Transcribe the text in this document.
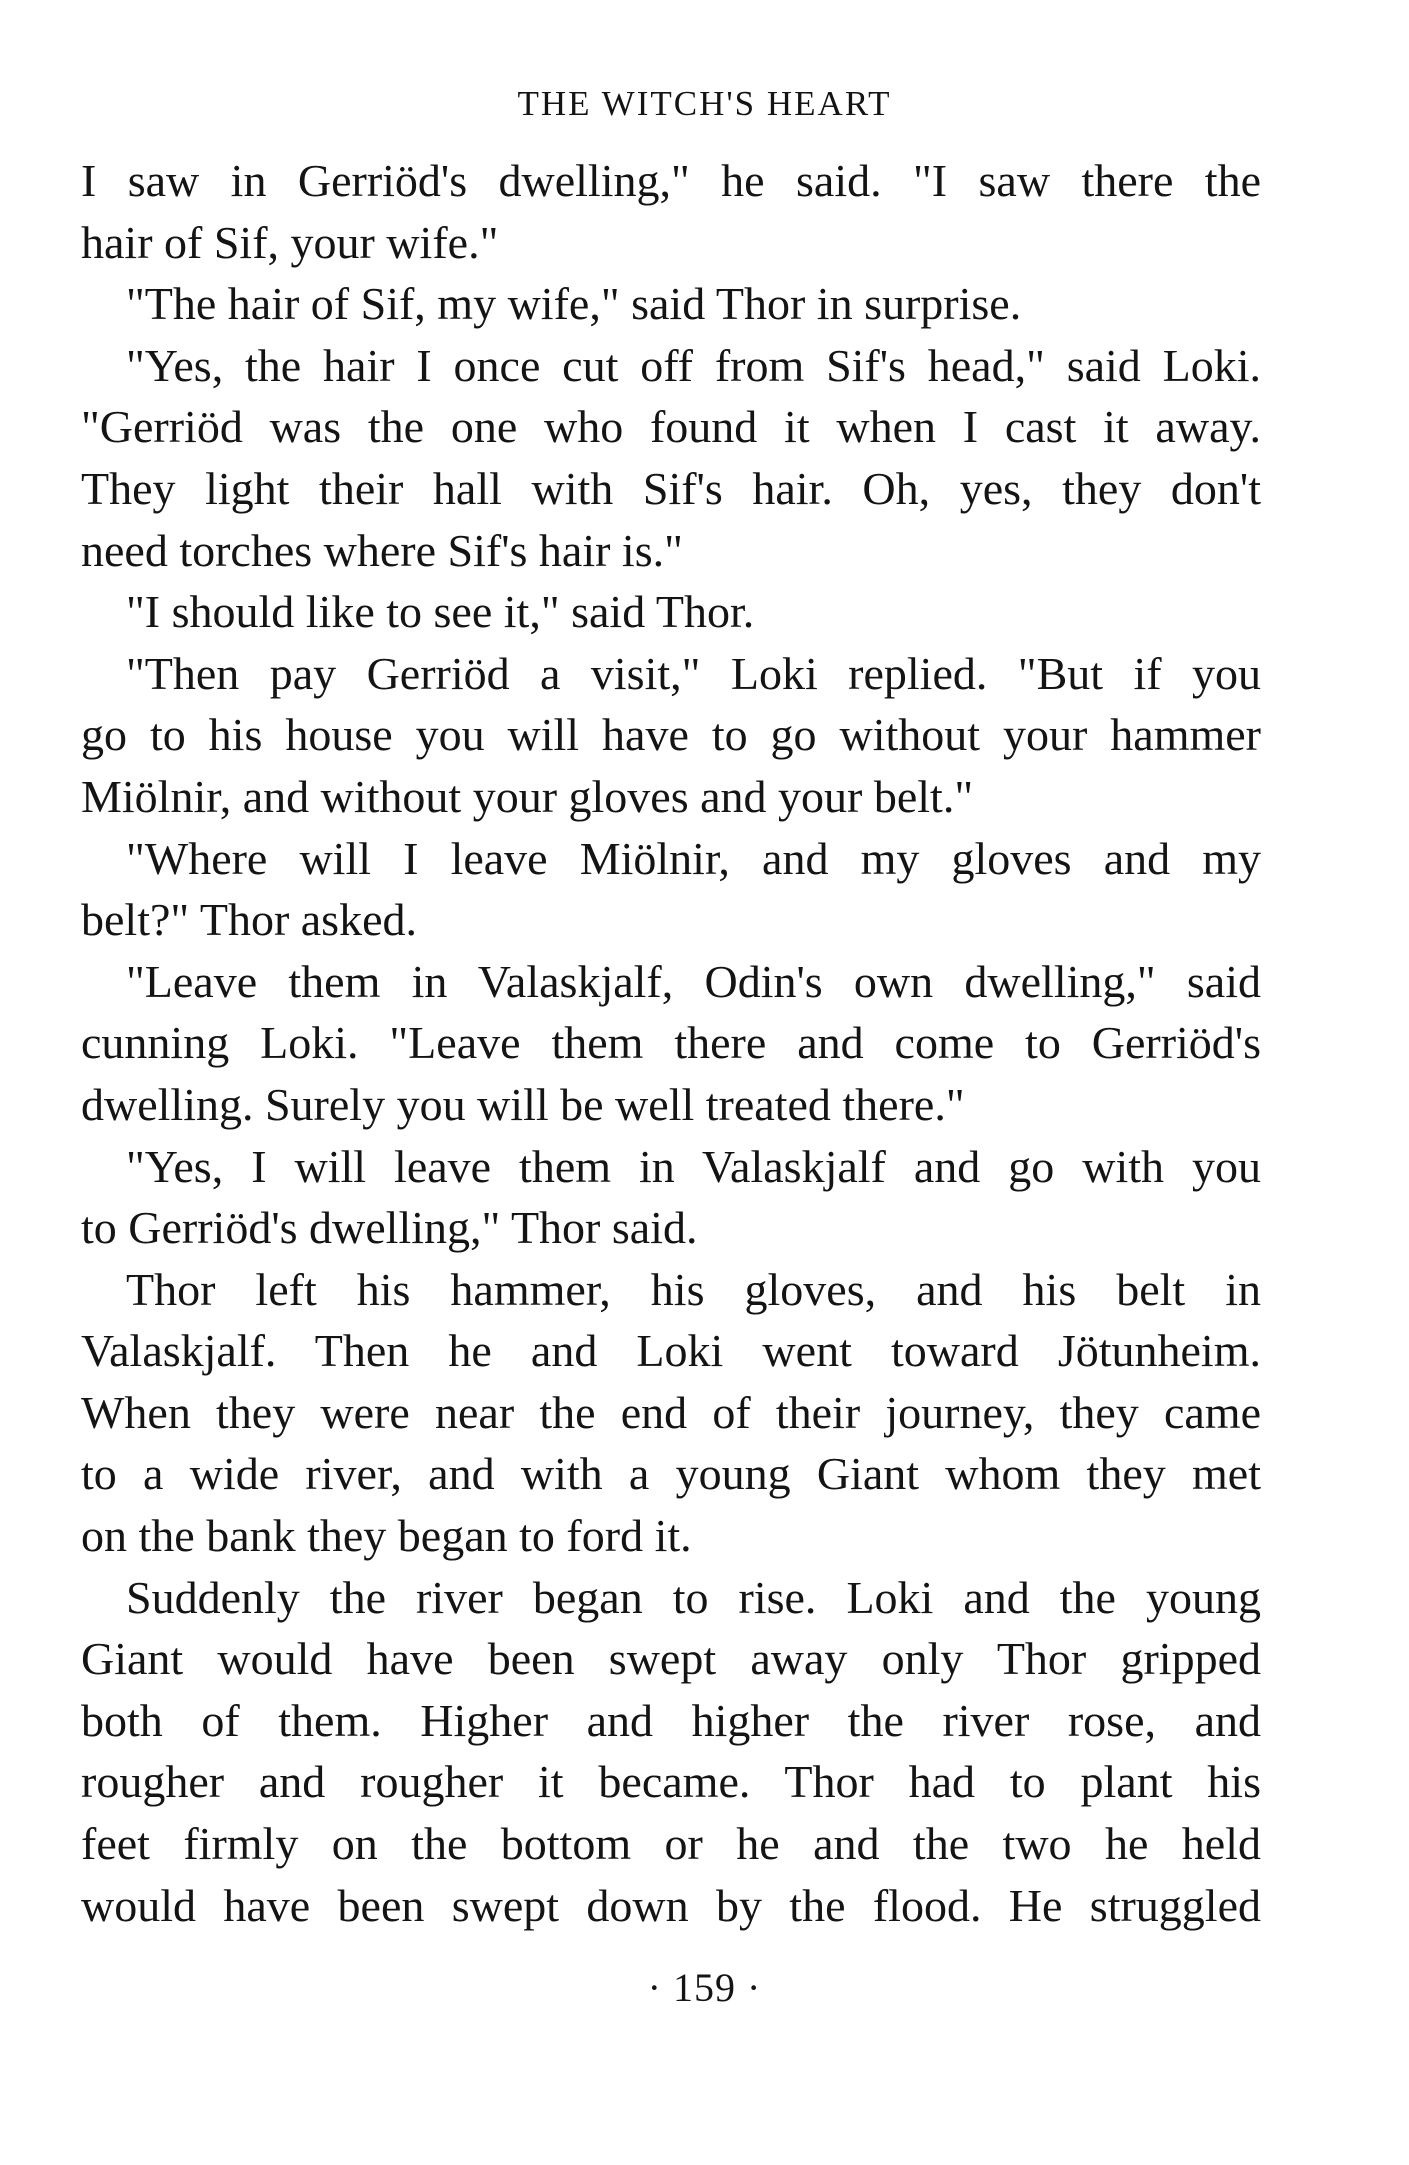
THE WITCH'S HEART
I saw in Gerriöd's dwelling," he said. "I saw there the
hair of Sif, your wife."
"The hair of Sif, my wife," said Thor in surprise.
"Yes, the hair I once cut off from Sif's head," said Loki.
"Gerriöd was the one who found it when I cast it away.
They light their hall with Sif's hair. Oh, yes, they don't
need torches where Sif's hair is."
"I should like to see it," said Thor.
"Then pay Gerriöd a visit," Loki replied. "But if you
go to his house you will have to go without your hammer
Miölnir, and without your gloves and your belt."
"Where will I leave Miölnir, and my gloves and my
belt?" Thor asked.
"Leave them in Valaskjalf, Odin's own dwelling," said
cunning Loki. "Leave them there and come to Gerriöd's
dwelling. Surely you will be well treated there."
"Yes, I will leave them in Valaskjalf and go with you
to Gerriöd's dwelling," Thor said.
Thor left his hammer, his gloves, and his belt in
Valaskjalf. Then he and Loki went toward Jötunheim.
When they were near the end of their journey, they came
to a wide river, and with a young Giant whom they met
on the bank they began to ford it.
Suddenly the river began to rise. Loki and the young
Giant would have been swept away only Thor gripped
both of them. Higher and higher the river rose, and
rougher and rougher it became. Thor had to plant his
feet firmly on the bottom or he and the two he held
would have been swept down by the flood. He struggled
· 159 ·
